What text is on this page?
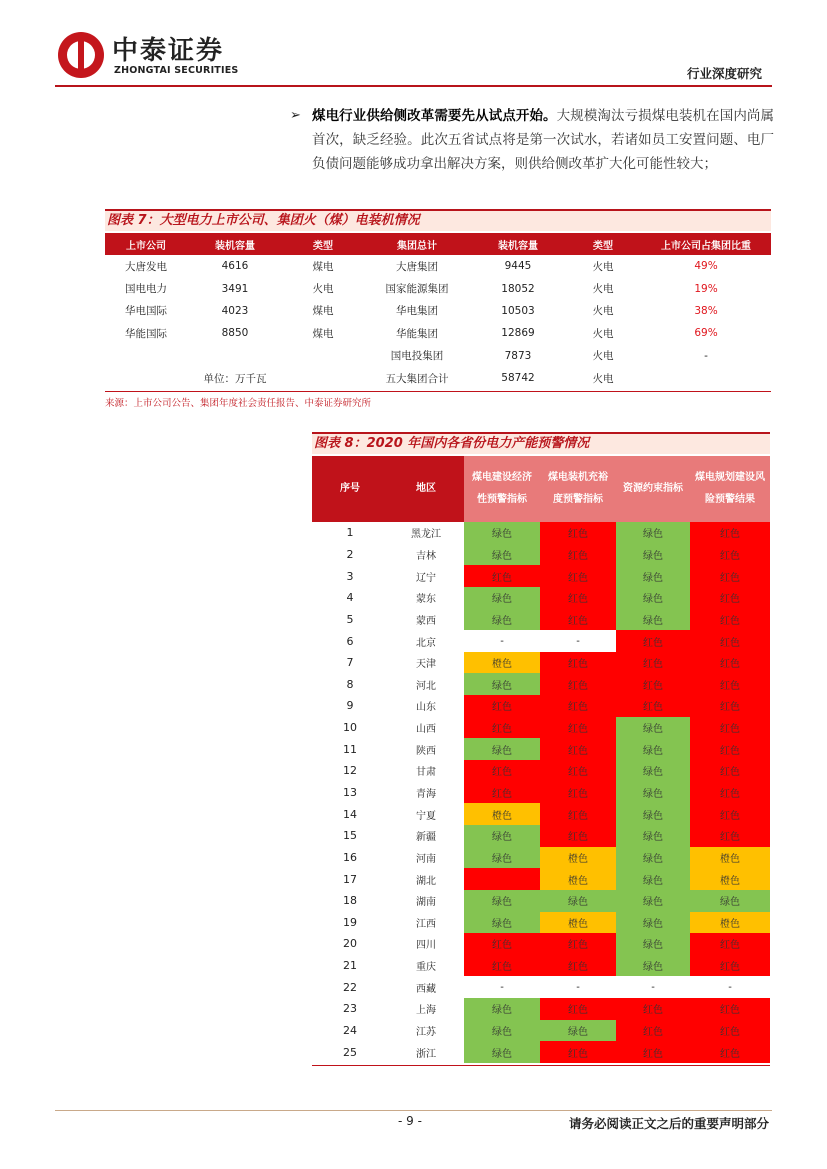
中泰证券
ZHONGTAI SECURITIES	行业深度研究
➢ 煤电行业供给侧改革需要先从试点开始。大规模淘汰亏损煤电装机在国内尚属首次，缺乏经验。此次五省试点将是第一次试水，若诸如员工安置问题、电厂负债问题能够成功拿出解决方案，则供给侧改革扩大化可能性较大；
图表 7：大型电力上市公司、集团火（煤）电装机情况
上市公司	装机容量	类型	集团总计	装机容量	类型	上市公司占集团比重
大唐发电	4616	煤电	大唐集团	9445	火电	49%
国电电力	3491	火电	国家能源集团	18052	火电	19%
华电国际	4023	煤电	华电集团	10503	火电	38%
华能国际	8850	煤电	华能集团	12869	火电	69%
			国电投集团	7873	火电	-
	单位：万千瓦		五大集团合计	58742	火电	
来源：上市公司公告、集团年度社会责任报告、中泰证券研究所
图表 8：2020 年国内各省份电力产能预警情况
序号	地区	煤电建设经济性预警指标	煤电装机充裕度预警指标	资源约束指标	煤电规划建设风险预警结果
1	黑龙江	绿色	红色	绿色	红色
2	吉林	绿色	红色	绿色	红色
3	辽宁	红色	红色	绿色	红色
4	蒙东	绿色	红色	绿色	红色
5	蒙西	绿色	红色	绿色	红色
6	北京	-	-	红色	红色
7	天津	橙色	红色	红色	红色
8	河北	绿色	红色	红色	红色
9	山东	红色	红色	红色	红色
10	山西	红色	红色	绿色	红色
11	陕西	绿色	红色	绿色	红色
12	甘肃	红色	红色	绿色	红色
13	青海	红色	红色	绿色	红色
14	宁夏	橙色	红色	绿色	红色
15	新疆	绿色	红色	绿色	红色
16	河南	绿色	橙色	绿色	橙色
17	湖北		橙色	绿色	橙色
18	湖南	绿色	绿色	绿色	绿色
19	江西	绿色	橙色	绿色	橙色
20	四川	红色	红色	绿色	红色
21	重庆	红色	红色	绿色	红色
22	西藏	-	-	-	-
23	上海	绿色	红色	红色	红色
24	江苏	绿色	绿色	红色	红色
25	浙江	绿色	红色	红色	红色
- 9 -	请务必阅读正文之后的重要声明部分
